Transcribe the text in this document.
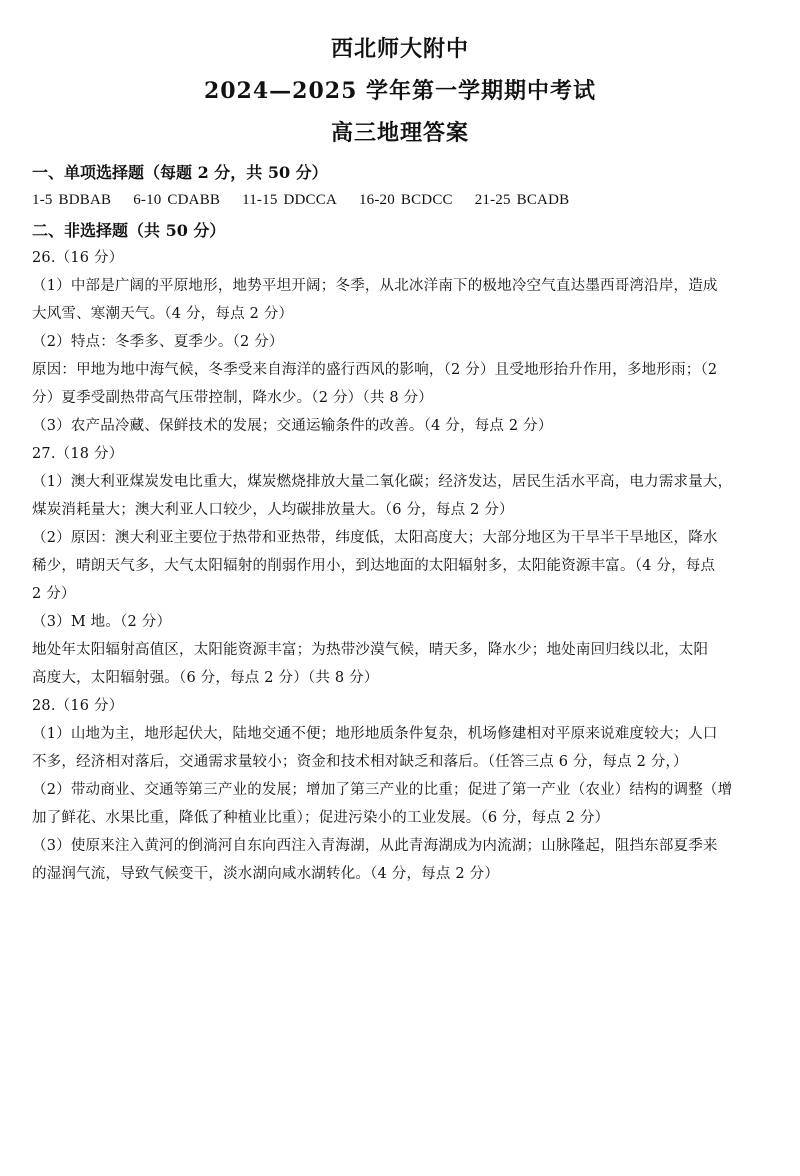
西北师大附中
2024—2025 学年第一学期期中考试
高三地理答案
一、单项选择题（每题 2 分，共 50 分）
1-5 BDBAB 6-10 CDABB 11-15 DDCCA 16-20 BCDCC 21-25 BCADB
二、非选择题（共 50 分）

26.（16 分）

（1）中部是广阔的平原地形，地势平坦开阔；冬季，从北冰洋南下的极地冷空气直达墨西哥湾沿岸，造成

大风雪、寒潮天气。（4 分，每点 2 分）

（2）特点：冬季多、夏季少。（2 分）

原因：甲地为地中海气候，冬季受来自海洋的盛行西风的影响，（2 分）且受地形抬升作用，多地形雨；（2

分）夏季受副热带高气压带控制，降水少。（2 分）（共 8 分）

（3）农产品冷藏、保鲜技术的发展；交通运输条件的改善。（4 分，每点 2 分）

27.（18 分）

（1）澳大利亚煤炭发电比重大，煤炭燃烧排放大量二氧化碳；经济发达，居民生活水平高，电力需求量大，

煤炭消耗量大；澳大利亚人口较少，人均碳排放量大。（6 分，每点 2 分）

（2）原因：澳大利亚主要位于热带和亚热带，纬度低，太阳高度大；大部分地区为干旱半干旱地区，降水

稀少，晴朗天气多，大气太阳辐射的削弱作用小，到达地面的太阳辐射多，太阳能资源丰富。（4 分，每点

2 分）

（3）M 地。（2 分）

地处年太阳辐射高值区，太阳能资源丰富；为热带沙漠气候，晴天多，降水少；地处南回归线以北，太阳

高度大，太阳辐射强。（6 分，每点 2 分）（共 8 分）

28.（16 分）

（1）山地为主，地形起伏大，陆地交通不便；地形地质条件复杂，机场修建相对平原来说难度较大；人口

不多，经济相对落后，交通需求量较小；资金和技术相对缺乏和落后。（任答三点 6 分，每点 2 分，）

（2）带动商业、交通等第三产业的发展；增加了第三产业的比重；促进了第一产业（农业）结构的调整（增

加了鲜花、水果比重，降低了种植业比重）；促进污染小的工业发展。（6 分，每点 2 分）

（3）使原来注入黄河的倒淌河自东向西注入青海湖，从此青海湖成为内流湖；山脉隆起，阻挡东部夏季来

的湿润气流，导致气候变干，淡水湖向咸水湖转化。（4 分，每点 2 分）
